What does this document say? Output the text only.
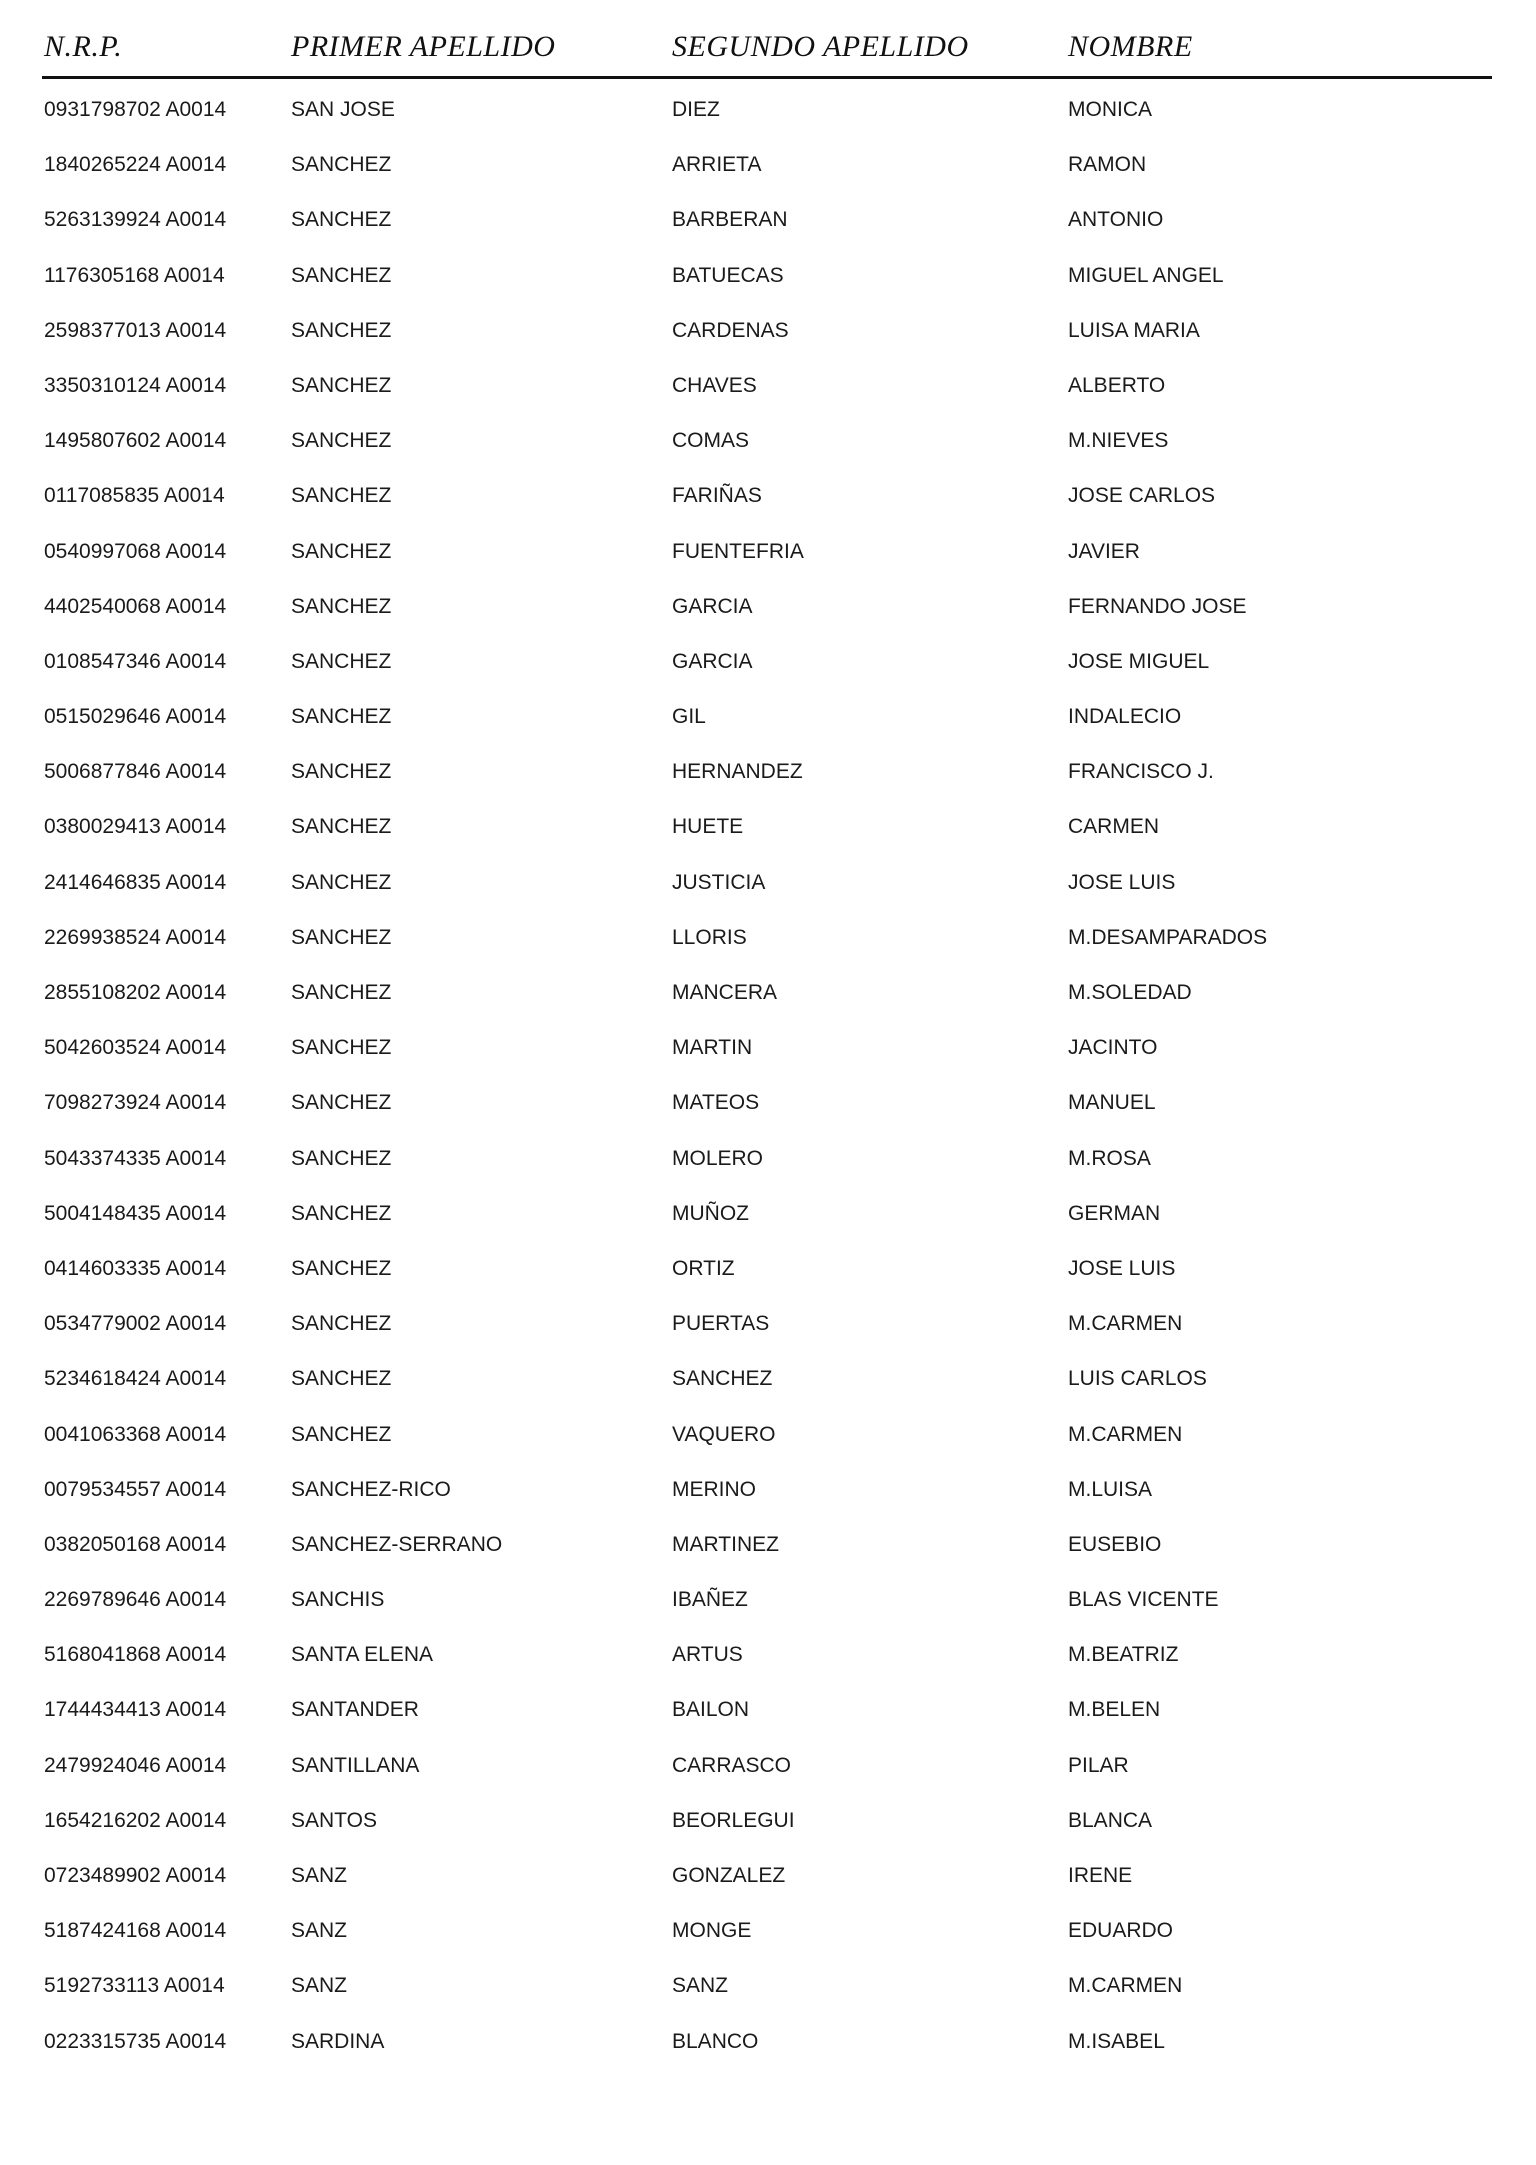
N.R.P.	PRIMER APELLIDO	SEGUNDO APELLIDO	NOMBRE
0931798702 A0014	SAN JOSE	DIEZ	MONICA
1840265224 A0014	SANCHEZ	ARRIETA	RAMON
5263139924 A0014	SANCHEZ	BARBERAN	ANTONIO
1176305168 A0014	SANCHEZ	BATUECAS	MIGUEL ANGEL
2598377013 A0014	SANCHEZ	CARDENAS	LUISA MARIA
3350310124 A0014	SANCHEZ	CHAVES	ALBERTO
1495807602 A0014	SANCHEZ	COMAS	M.NIEVES
0117085835 A0014	SANCHEZ	FARIÑAS	JOSE CARLOS
0540997068 A0014	SANCHEZ	FUENTEFRIA	JAVIER
4402540068 A0014	SANCHEZ	GARCIA	FERNANDO JOSE
0108547346 A0014	SANCHEZ	GARCIA	JOSE MIGUEL
0515029646 A0014	SANCHEZ	GIL	INDALECIO
5006877846 A0014	SANCHEZ	HERNANDEZ	FRANCISCO J.
0380029413 A0014	SANCHEZ	HUETE	CARMEN
2414646835 A0014	SANCHEZ	JUSTICIA	JOSE LUIS
2269938524 A0014	SANCHEZ	LLORIS	M.DESAMPARADOS
2855108202 A0014	SANCHEZ	MANCERA	M.SOLEDAD
5042603524 A0014	SANCHEZ	MARTIN	JACINTO
7098273924 A0014	SANCHEZ	MATEOS	MANUEL
5043374335 A0014	SANCHEZ	MOLERO	M.ROSA
5004148435 A0014	SANCHEZ	MUÑOZ	GERMAN
0414603335 A0014	SANCHEZ	ORTIZ	JOSE LUIS
0534779002 A0014	SANCHEZ	PUERTAS	M.CARMEN
5234618424 A0014	SANCHEZ	SANCHEZ	LUIS CARLOS
0041063368 A0014	SANCHEZ	VAQUERO	M.CARMEN
0079534557 A0014	SANCHEZ-RICO	MERINO	M.LUISA
0382050168 A0014	SANCHEZ-SERRANO	MARTINEZ	EUSEBIO
2269789646 A0014	SANCHIS	IBAÑEZ	BLAS VICENTE
5168041868 A0014	SANTA ELENA	ARTUS	M.BEATRIZ
1744434413 A0014	SANTANDER	BAILON	M.BELEN
2479924046 A0014	SANTILLANA	CARRASCO	PILAR
1654216202 A0014	SANTOS	BEORLEGUI	BLANCA
0723489902 A0014	SANZ	GONZALEZ	IRENE
5187424168 A0014	SANZ	MONGE	EDUARDO
5192733113 A0014	SANZ	SANZ	M.CARMEN
0223315735 A0014	SARDINA	BLANCO	M.ISABEL
